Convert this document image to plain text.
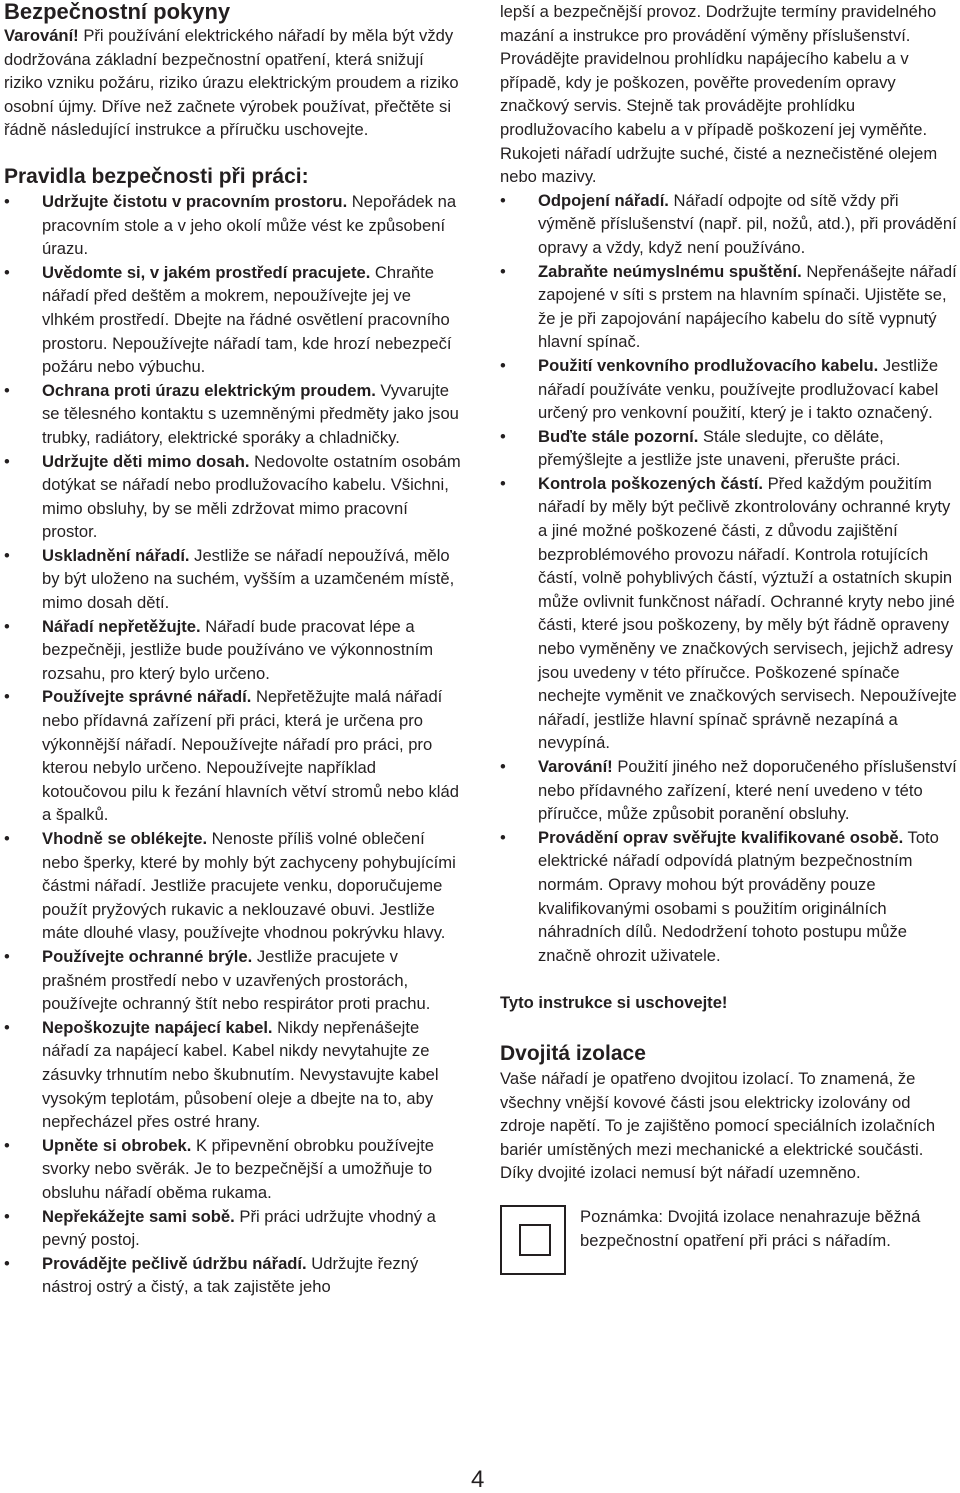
Bezpečnostní pokyny

Varování! Při používání elektrického nářadí by měla být vždy dodržována základní bezpečnostní opatření, která snižují riziko vzniku požáru, riziko úrazu elektrickým proudem a riziko osobní újmy. Dříve než začnete výrobek používat, přečtěte si řádně následující instrukce a příručku uschovejte.

Pravidla bezpečnosti při práci:
• Udržujte čistotu v pracovním prostoru. Nepořádek na pracovním stole a v jeho okolí může vést ke způsobení úrazu.
• Uvědomte si, v jakém prostředí pracujete. Chraňte nářadí před deštěm a mokrem, nepoužívejte jej ve vlhkém prostředí. Dbejte na řádné osvětlení pracovního prostoru. Nepoužívejte nářadí tam, kde hrozí nebezpečí požáru nebo výbuchu.
• Ochrana proti úrazu elektrickým proudem. Vyvarujte se tělesného kontaktu s uzemněnými předměty jako jsou trubky, radiátory, elektrické sporáky a chladničky.
• Udržujte děti mimo dosah. Nedovolte ostatním osobám dotýkat se nářadí nebo prodlužovacího kabelu. Všichni, mimo obsluhy, by se měli zdržovat mimo pracovní prostor.
• Uskladnění nářadí. Jestliže se nářadí nepoužívá, mělo by být uloženo na suchém, vyšším a uzamčeném místě, mimo dosah dětí.
• Nářadí nepřetěžujte. Nářadí bude pracovat lépe a bezpečněji, jestliže bude používáno ve výkonnostním rozsahu, pro který bylo určeno.
• Používejte správné nářadí. Nepřetěžujte malá nářadí nebo přídavná zařízení při práci, která je určena pro výkonnější nářadí. Nepoužívejte nářadí pro práci, pro kterou nebylo určeno. Nepoužívejte například kotoučovou pilu k řezání hlavních větví stromů nebo klád a špalků.
• Vhodně se oblékejte. Nenoste příliš volné oblečení nebo šperky, které by mohly být zachyceny pohybujícími částmi nářadí. Jestliže pracujete venku, doporučujeme použít pryžových rukavic a neklouzavé obuvi. Jestliže máte dlouhé vlasy, používejte vhodnou pokrývku hlavy.
• Používejte ochranné brýle. Jestliže pracujete v prašném prostředí nebo v uzavřených prostorách, používejte ochranný štít nebo respirátor proti prachu.
• Nepoškozujte napájecí kabel. Nikdy nepřenášejte nářadí za napájecí kabel. Kabel nikdy nevytahujte ze zásuvky trhnutím nebo škubnutím. Nevystavujte kabel vysokým teplotám, působení oleje a dbejte na to, aby nepřecházel přes ostré hrany.
• Upněte si obrobek. K připevnění obrobku používejte svorky nebo svěrák. Je to bezpečnější a umožňuje to obsluhu nářadí oběma rukama.
• Nepřekážejte sami sobě. Při práci udržujte vhodný a pevný postoj.
• Provádějte pečlivě údržbu nářadí. Udržujte řezný nástroj ostrý a čistý, a tak zajistěte jeho

lepší a bezpečnější provoz. Dodržujte termíny pravidelného mazání a instrukce pro provádění výměny příslušenství. Provádějte pravidelnou prohlídku napájecího kabelu a v případě, kdy je poškozen, pověřte provedením opravy značkový servis. Stejně tak provádějte prohlídku prodlužovacího kabelu a v případě poškození jej vyměňte. Rukojeti nářadí udržujte suché, čisté a neznečistěné olejem nebo mazivy.

• Odpojení nářadí. Nářadí odpojte od sítě vždy při výměně příslušenství (např. pil, nožů, atd.), při provádění opravy a vždy, když není používáno.
• Zabraňte neúmyslnému spuštění. Nepřenášejte nářadí zapojené v síti s prstem na hlavním spínači. Ujistěte se, že je při zapojování napájecího kabelu do sítě vypnutý hlavní spínač.
• Použití venkovního prodlužovacího kabelu. Jestliže nářadí používáte venku, používejte prodlužovací kabel určený pro venkovní použití, který je i takto označený.
• Buďte stále pozorní. Stále sledujte, co děláte, přemýšlejte a jestliže jste unaveni, přerušte práci.
• Kontrola poškozených částí. Před každým použitím nářadí by měly být pečlivě zkontrolovány ochranné kryty a jiné možné poškozené části, z důvodu zajištění bezproblémového provozu nářadí. Kontrola rotujících částí, volně pohyblivých částí, výztuží a ostatních skupin může ovlivnit funkčnost nářadí. Ochranné kryty nebo jiné části, které jsou poškozeny, by měly být řádně opraveny nebo vyměněny ve značkových servisech, jejichž adresy jsou uvedeny v této příručce. Poškozené spínače nechejte vyměnit ve značkových servisech. Nepoužívejte nářadí, jestliže hlavní spínač správně nezapíná a nevypíná.
• Varování! Použití jiného než doporučeného příslušenství nebo přídavného zařízení, které není uvedeno v této příručce, může způsobit poranění obsluhy.
• Provádění oprav svěřujte kvalifikované osobě. Toto elektrické nářadí odpovídá platným bezpečnostním normám. Opravy mohou být prováděny pouze kvalifikovanými osobami s použitím originálních náhradních dílů. Nedodržení tohoto postupu může značně ohrozit uživatele.

Tyto instrukce si uschovejte!

Dvojitá izolace

Vaše nářadí je opatřeno dvojitou izolací. To znamená, že všechny vnější kovové části jsou elektricky izolovány od zdroje napětí. To je zajištěno pomocí speciálních izolačních bariér umístěných mezi mechanické a elektrické součásti. Díky dvojité izolaci nemusí být nářadí uzemněno.

Poznámka: Dvojitá izolace nenahrazuje běžná bezpečnostní opatření při práci s nářadím.

4
